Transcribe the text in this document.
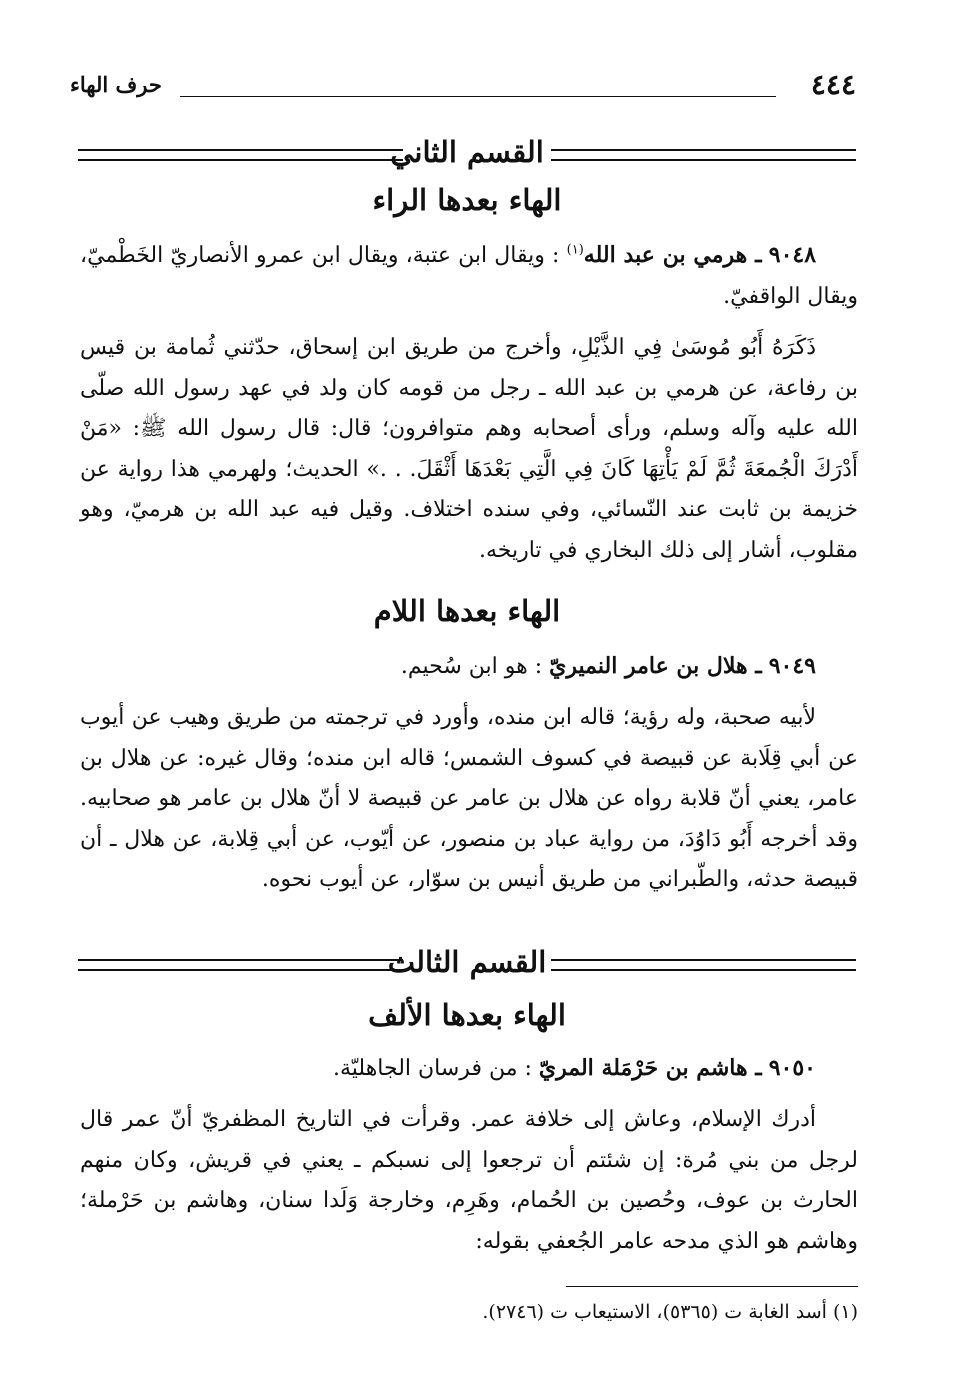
٤٤٤
حرف الهاء
القسم الثاني
الهاء بعدها الراء
٩٠٤٨ ـ هرمي بن عبد الله$^{(١)}$ : ويقال ابن عتبة، ويقال ابن عمرو الأنصاريّ الخَطْميّ، ويقال الواقفيّ.
ذَكَرَهُ أَبُو مُوسَىٰ فِي الذَّيْلِ، وأخرج من طريق ابن إسحاق، حدّثني ثُمامة بن قيس بن رفاعة، عن هرمي بن عبد الله ـ رجل من قومه كان ولد في عهد رسول الله صلّى الله عليه وآله وسلم، ورأى أصحابه وهم متوافرون؛ قال: قال رسول الله ﷺ: «مَنْ أَدْرَكَ الْجُمعَةَ ثُمَّ لَمْ يَأْتِهَا كَانَ فِي الَّتِي بَعْدَهَا أَثْقَلَ. . .» الحديث؛ ولهرمي هذا رواية عن خزيمة بن ثابت عند النّسائي، وفي سنده اختلاف. وقيل فيه عبد الله بن هرميّ، وهو مقلوب، أشار إلى ذلك البخاري في تاريخه.
الهاء بعدها اللام
٩٠٤٩ ـ هلال بن عامر النميريّ : هو ابن سُحيم.
لأبيه صحبة، وله رؤية؛ قاله ابن منده، وأورد في ترجمته من طريق وهيب عن أيوب عن أبي قِلَابة عن قبيصة في كسوف الشمس؛ قاله ابن منده؛ وقال غيره: عن هلال بن عامر، يعني أنّ قلابة رواه عن هلال بن عامر عن قبيصة لا أنّ هلال بن عامر هو صحابيه. وقد أخرجه أَبُو دَاوُدَ، من رواية عباد بن منصور، عن أيّوب، عن أبي قِلابة، عن هلال ـ أن قبيصة حدثه، والطّبراني من طريق أنيس بن سوّار، عن أيوب نحوه.
القسم الثالث
الهاء بعدها الألف
٩٠٥٠ ـ هاشم بن حَرْمَلة المريّ : من فرسان الجاهليّة.
أدرك الإسلام، وعاش إلى خلافة عمر. وقرأت في التاريخ المظفريّ أنّ عمر قال لرجل من بني مُرة: إن شئتم أن ترجعوا إلى نسبكم ـ يعني في قريش، وكان منهم الحارث بن عوف، وحُصين بن الحُمام، وهَرِم، وخارجة وَلَدا سنان، وهاشم بن حَرْملة؛ وهاشم هو الذي مدحه عامر الجُعفي بقوله:
(١) أسد الغابة ت (٥٣٦٥)، الاستيعاب ت (٢٧٤٦).
